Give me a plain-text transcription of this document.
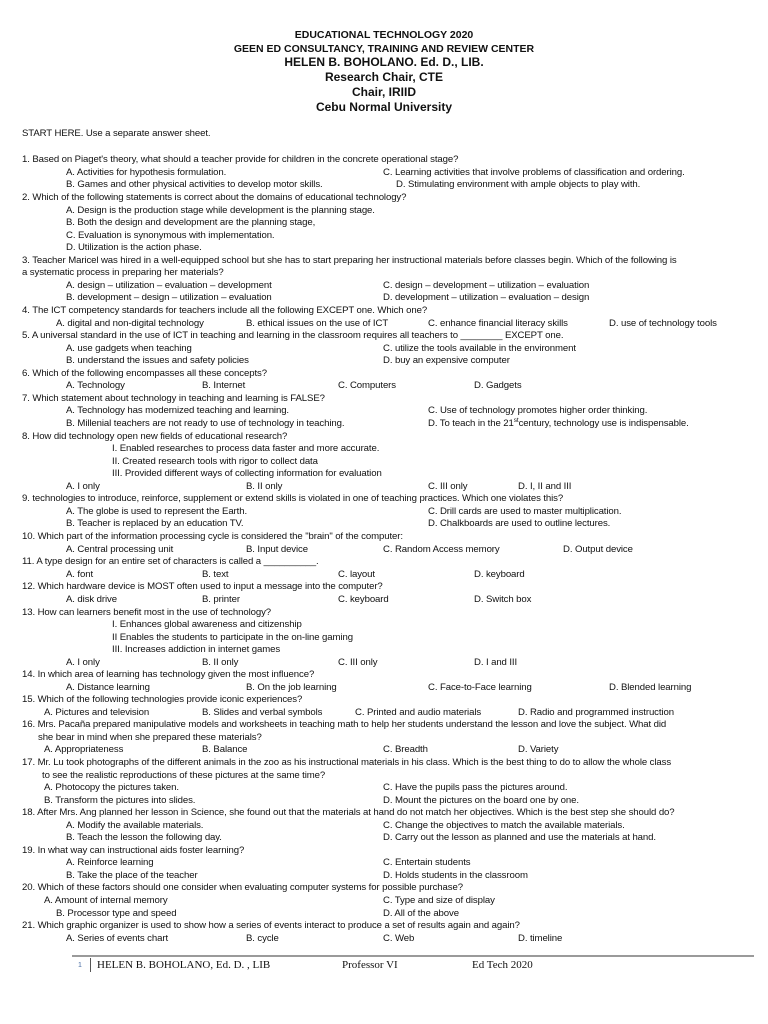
EDUCATIONAL TECHNOLOGY 2020
GEEN ED CONSULTANCY, TRAINING AND REVIEW CENTER
HELEN B. BOHOLANO. Ed. D., LIB.
Research Chair, CTE
Chair, IRIID
Cebu Normal University
START HERE. Use a separate answer sheet.
1. Based on Piaget's theory, what should a teacher provide for children in the concrete operational stage?
A. Activities for hypothesis formulation.	C. Learning activities that involve problems of classification and ordering.
B. Games and other physical activities to develop motor skills.	D. Stimulating environment with ample objects to play with.
2. Which of the following statements is correct about the domains of educational technology?
A. Design is the production stage while development is the planning stage.
B. Both the design and development are the planning stage,
C. Evaluation is synonymous with implementation.
D. Utilization is the action phase.
3. Teacher Maricel was hired in a well-equipped school but she has to start preparing her instructional materials before classes begin. Which of the following is
a systematic process in preparing her materials?
A. design – utilization – evaluation – development	C. design – development – utilization – evaluation
B. development – design – utilization – evaluation	D. development – utilization – evaluation – design
4. The ICT competency standards for teachers include all the following EXCEPT one. Which one?
A. digital and non-digital technology	B. ethical issues on the use of ICT	C. enhance financial literacy skills	D. use of technology tools
5. A universal standard in the use of ICT in teaching and learning in the classroom requires all teachers to ________ EXCEPT one.
A. use gadgets when teaching	C. utilize the tools available in the environment
B. understand the issues and safety policies	D. buy an expensive computer
6. Which of the following encompasses all these concepts?
A. Technology	B. Internet	C. Computers	D. Gadgets
7. Which statement about technology in teaching and learning is FALSE?
A. Technology has modernized teaching and learning.	C. Use of technology promotes higher order thinking.
B. Millenial teachers are not ready to use of technology in teaching.	D. To teach in the 21stcentury, technology use is indispensable.
8. How did technology open new fields of educational research?
I. Enabled researches to process data faster and more accurate.
II. Created research tools with rigor to collect data
III. Provided different ways of collecting information for evaluation
A. I only	B. II only	C. III only	D. I, II and III
9. technologies to introduce, reinforce, supplement or extend skills is violated in one of teaching practices. Which one violates this?
A. The globe is used to represent the Earth.	C. Drill cards are used to master multiplication.
B. Teacher is replaced by an education TV.	D. Chalkboards are used to outline lectures.
10. Which part of the information processing cycle is considered the "brain" of the computer:
A. Central processing unit	B. Input device	C. Random Access memory	D. Output device
11. A type design for an entire set of characters is called a __________.
A. font	B. text	C. layout	D. keyboard
12. Which hardware device is MOST often used to input a message into the computer?
A. disk drive	B. printer	C. keyboard	D. Switch box
13. How can learners benefit most in the use of technology?
I. Enhances global awareness and citizenship
II Enables the students to participate in the on-line gaming
III. Increases addiction in internet games
A. I only	B. II only	C. III only	D. I and III
14. In which area of learning has technology given the most influence?
A. Distance learning	B. On the job learning	C. Face-to-Face learning	D. Blended learning
15. Which of the following technologies provide iconic experiences?
A. Pictures and television	B. Slides and verbal symbols	C. Printed and audio materials	D. Radio and programmed instruction
16. Mrs. Pacaña prepared manipulative models and worksheets in teaching math to help her students understand the lesson and love the subject. What did
she bear in mind when she prepared these materials?
A. Appropriateness	B. Balance	C. Breadth	D. Variety
17. Mr. Lu took photographs of the different animals in the zoo as his instructional materials in his class. Which is the best thing to do to allow the whole class
to see the realistic reproductions of these pictures at the same time?
A. Photocopy the pictures taken.	C. Have the pupils pass the pictures around.
B. Transform the pictures into slides.	D. Mount the pictures on the board one by one.
18. After Mrs. Ang planned her lesson in Science, she found out that the materials at hand do not match her objectives. Which is the best step she should do?
A. Modify the available materials.	C. Change the objectives to match the available materials.
B. Teach the lesson the following day.	D. Carry out the lesson as planned and use the materials at hand.
19. In what way can instructional aids foster learning?
A. Reinforce learning	C. Entertain students
B. Take the place of the teacher	D. Holds students in the classroom
20. Which of these factors should one consider when evaluating computer systems for possible purchase?
A. Amount of internal memory	C. Type and size of display
B. Processor type and speed	D. All of the above
21. Which graphic organizer is used to show how a series of events interact to produce a set of results again and again?
A. Series of events chart	B. cycle	C. Web	D. timeline
1 HELEN B. BOHOLANO, Ed. D. , LIB	Professor VI	Ed Tech 2020
